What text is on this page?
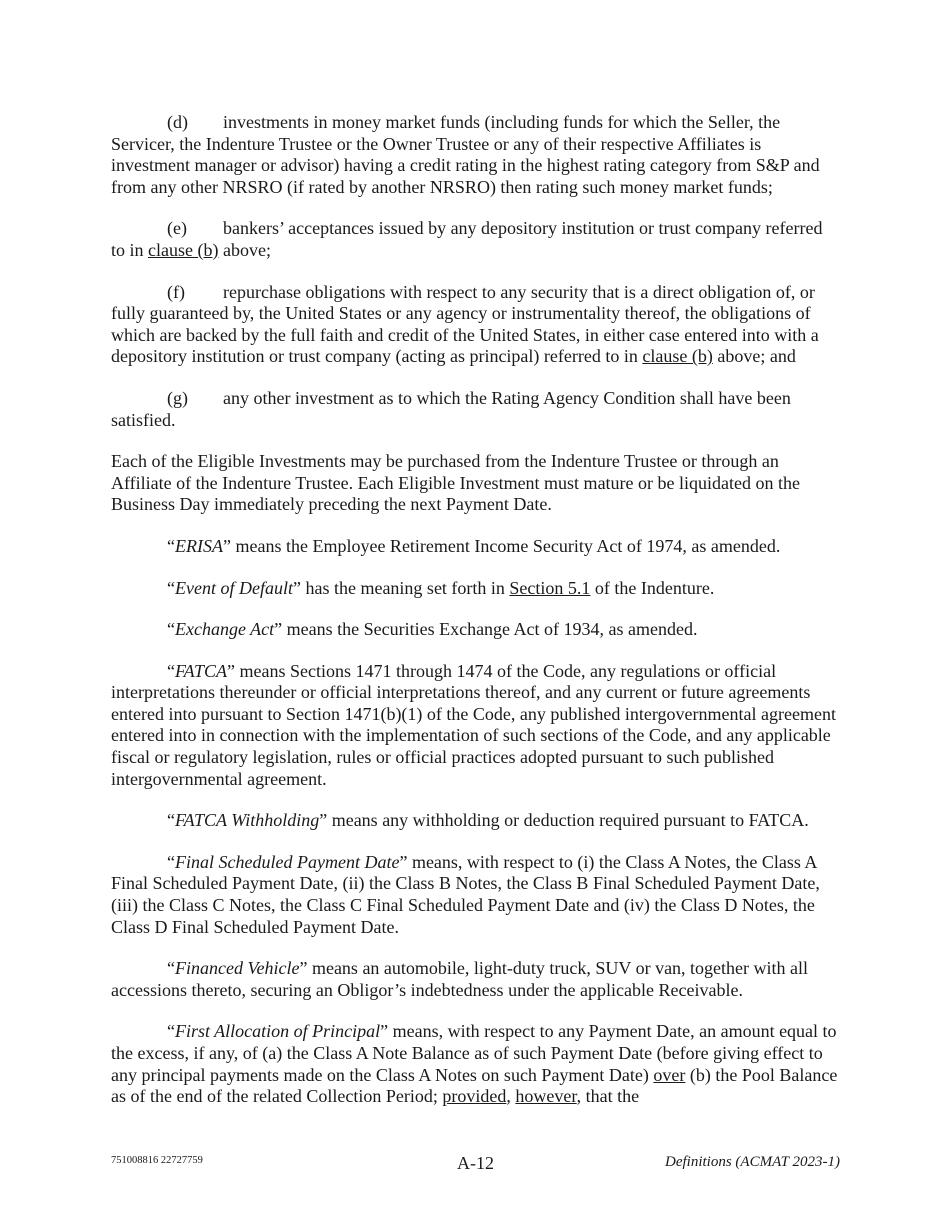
(d) investments in money market funds (including funds for which the Seller, the Servicer, the Indenture Trustee or the Owner Trustee or any of their respective Affiliates is investment manager or advisor) having a credit rating in the highest rating category from S&P and from any other NRSRO (if rated by another NRSRO) then rating such money market funds;

(e) bankers’ acceptances issued by any depository institution or trust company referred to in clause (b) above;

(f) repurchase obligations with respect to any security that is a direct obligation of, or fully guaranteed by, the United States or any agency or instrumentality thereof, the obligations of which are backed by the full faith and credit of the United States, in either case entered into with a depository institution or trust company (acting as principal) referred to in clause (b) above; and

(g) any other investment as to which the Rating Agency Condition shall have been satisfied.

Each of the Eligible Investments may be purchased from the Indenture Trustee or through an Affiliate of the Indenture Trustee. Each Eligible Investment must mature or be liquidated on the Business Day immediately preceding the next Payment Date.

“ERISA” means the Employee Retirement Income Security Act of 1974, as amended.

“Event of Default” has the meaning set forth in Section 5.1 of the Indenture.

“Exchange Act” means the Securities Exchange Act of 1934, as amended.

“FATCA” means Sections 1471 through 1474 of the Code, any regulations or official interpretations thereunder or official interpretations thereof, and any current or future agreements entered into pursuant to Section 1471(b)(1) of the Code, any published intergovernmental agreement entered into in connection with the implementation of such sections of the Code, and any applicable fiscal or regulatory legislation, rules or official practices adopted pursuant to such published intergovernmental agreement.

“FATCA Withholding” means any withholding or deduction required pursuant to FATCA.

“Final Scheduled Payment Date” means, with respect to (i) the Class A Notes, the Class A Final Scheduled Payment Date, (ii) the Class B Notes, the Class B Final Scheduled Payment Date, (iii) the Class C Notes, the Class C Final Scheduled Payment Date and (iv) the Class D Notes, the Class D Final Scheduled Payment Date.

“Financed Vehicle” means an automobile, light-duty truck, SUV or van, together with all accessions thereto, securing an Obligor’s indebtedness under the applicable Receivable.

“First Allocation of Principal” means, with respect to any Payment Date, an amount equal to the excess, if any, of (a) the Class A Note Balance as of such Payment Date (before giving effect to any principal payments made on the Class A Notes on such Payment Date) over (b) the Pool Balance as of the end of the related Collection Period; provided, however, that the

751008816 22727759	A-12	Definitions (ACMAT 2023-1)
